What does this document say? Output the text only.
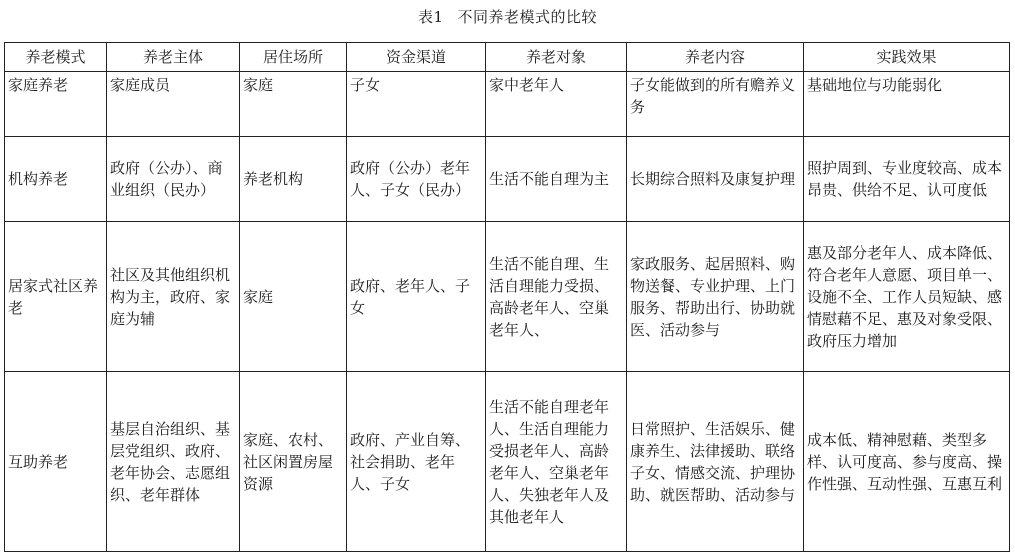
表1 不同养老模式的比较
养老模式	养老主体	居住场所	资金渠道	养老对象	养老内容	实践效果
家庭养老	家庭成员	家庭	子女	家中老年人	子女能做到的所有赡养义务	基础地位与功能弱化
机构养老	政府（公办）、商业组织（民办）	养老机构	政府（公办）老年人、子女（民办）	生活不能自理为主	长期综合照料及康复护理	照护周到、专业度较高、成本昂贵、供给不足、认可度低
居家式社区养老	社区及其他组织机构为主，政府、家庭为辅	家庭	政府、老年人、子女	生活不能自理、生活自理能力受损、高龄老年人、空巢老年人、	家政服务、起居照料、购物送餐、专业护理、上门服务、帮助出行、协助就医、活动参与	惠及部分老年人、成本降低、符合老年人意愿、项目单一、设施不全、工作人员短缺、感情慰藉不足、惠及对象受限、政府压力增加
互助养老	基层自治组织、基层党组织、政府、老年协会、志愿组织、老年群体	家庭、农村、社区闲置房屋资源	政府、产业自筹、社会捐助、老年人、子女	生活不能自理老年人、生活自理能力受损老年人、高龄老年人、空巢老年人、失独老年人及其他老年人	日常照护、生活娱乐、健康养生、法律援助、联络子女、情感交流、护理协助、就医帮助、活动参与	成本低、精神慰藉、类型多样、认可度高、参与度高、操作性强、互动性强、互惠互利
